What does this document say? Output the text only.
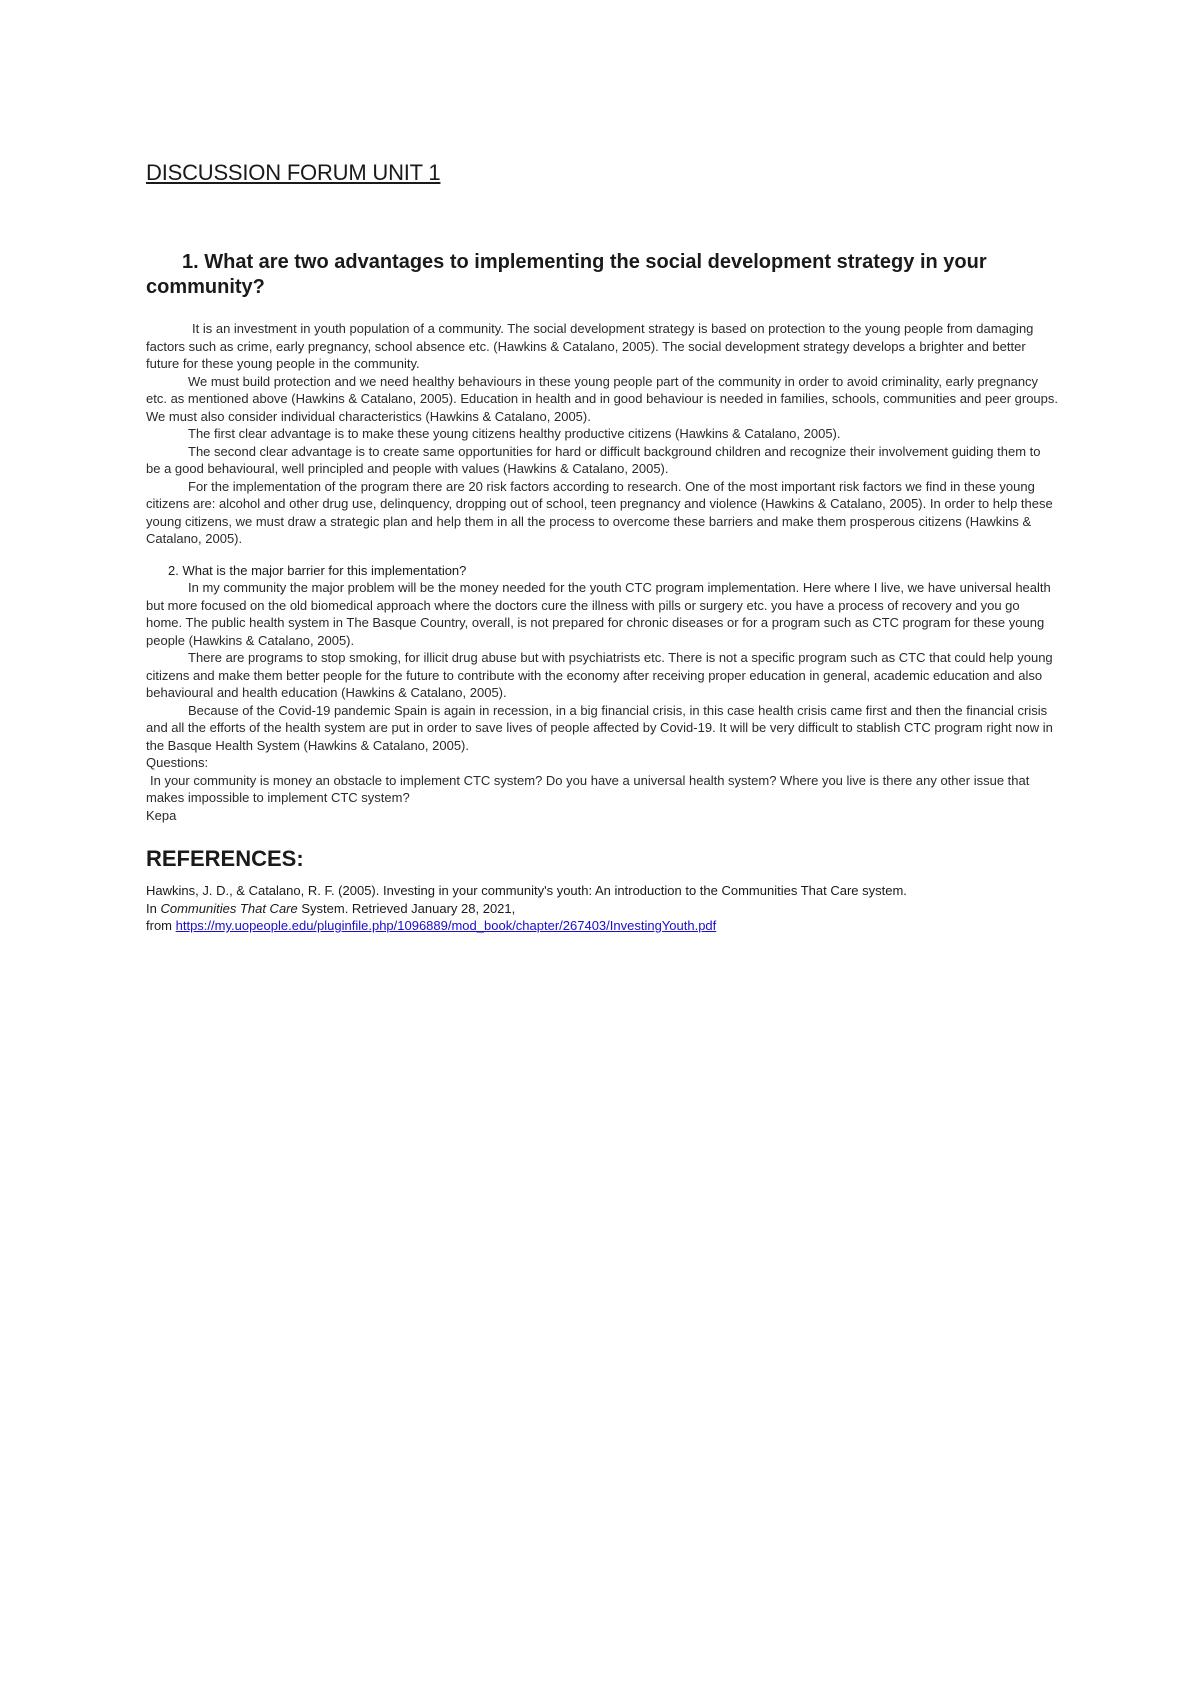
DISCUSSION FORUM UNIT 1

1. What are two advantages to implementing the social development strategy in your community?

It is an investment in youth population of a community. The social development strategy is based on protection to the young people from damaging factors such as crime, early pregnancy, school absence etc. (Hawkins & Catalano, 2005). The social development strategy develops a brighter and better future for these young people in the community.

We must build protection and we need healthy behaviours in these young people part of the community in order to avoid criminality, early pregnancy etc. as mentioned above (Hawkins & Catalano, 2005). Education in health and in good behaviour is needed in families, schools, communities and peer groups. We must also consider individual characteristics (Hawkins & Catalano, 2005).

The first clear advantage is to make these young citizens healthy productive citizens (Hawkins & Catalano, 2005).

The second clear advantage is to create same opportunities for hard or difficult background children and recognize their involvement guiding them to be a good behavioural, well principled and people with values (Hawkins & Catalano, 2005).

For the implementation of the program there are 20 risk factors according to research. One of the most important risk factors we find in these young citizens are: alcohol and other drug use, delinquency, dropping out of school, teen pregnancy and violence (Hawkins & Catalano, 2005). In order to help these young citizens, we must draw a strategic plan and help them in all the process to overcome these barriers and make them prosperous citizens (Hawkins & Catalano, 2005).

2. What is the major barrier for this implementation?

In my community the major problem will be the money needed for the youth CTC program implementation. Here where I live, we have universal health but more focused on the old biomedical approach where the doctors cure the illness with pills or surgery etc. you have a process of recovery and you go home. The public health system in The Basque Country, overall, is not prepared for chronic diseases or for a program such as CTC program for these young people (Hawkins & Catalano, 2005).

There are programs to stop smoking, for illicit drug abuse but with psychiatrists etc. There is not a specific program such as CTC that could help young citizens and make them better people for the future to contribute with the economy after receiving proper education in general, academic education and also behavioural and health education (Hawkins & Catalano, 2005).

Because of the Covid-19 pandemic Spain is again in recession, in a big financial crisis, in this case health crisis came first and then the financial crisis and all the efforts of the health system are put in order to save lives of people affected by Covid-19. It will be very difficult to stablish CTC program right now in the Basque Health System (Hawkins & Catalano, 2005).

Questions:

In your community is money an obstacle to implement CTC system? Do you have a universal health system? Where you live is there any other issue that makes impossible to implement CTC system?

Kepa

REFERENCES:

Hawkins, J. D., & Catalano, R. F. (2005). Investing in your community's youth: An introduction to the Communities That Care system.

In Communities That Care System. Retrieved January 28, 2021,

from https://my.uopeople.edu/pluginfile.php/1096889/mod_book/chapter/267403/InvestingYouth.pdf
